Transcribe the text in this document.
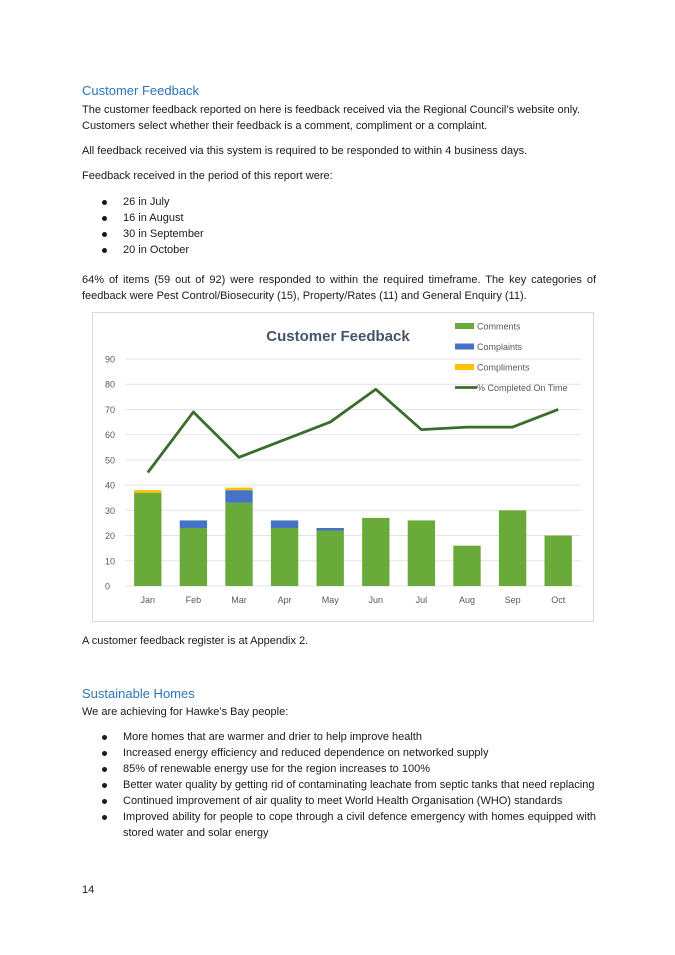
Customer Feedback

The customer feedback reported on here is feedback received via the Regional Council’s website only. Customers select whether their feedback is a comment, compliment or a complaint.

All feedback received via this system is required to be responded to within 4 business days.

Feedback received in the period of this report were:

26 in July
16 in August
30 in September
20 in October

64% of items (59 out of 92) were responded to within the required timeframe. The key categories of feedback were Pest Control/Biosecurity (15), Property/Rates (11) and General Enquiry (11).

0
10
20
30
40
50
60
70
80
90
Jan	Feb	Mar	Apr	May	Jun	Jul	Aug	Sep	Oct
Customer Feedback
Comments
Complaints
Compliments
% Completed On Time

A customer feedback register is at Appendix 2.

Sustainable Homes

We are achieving for Hawke’s Bay people:

More homes that are warmer and drier to help improve health
Increased energy efficiency and reduced dependence on networked supply
85% of renewable energy use for the region increases to 100%
Better water quality by getting rid of contaminating leachate from septic tanks that need replacing
Continued improvement of air quality to meet World Health Organisation (WHO) standards
Improved ability for people to cope through a civil defence emergency with homes equipped with stored water and solar energy
14
